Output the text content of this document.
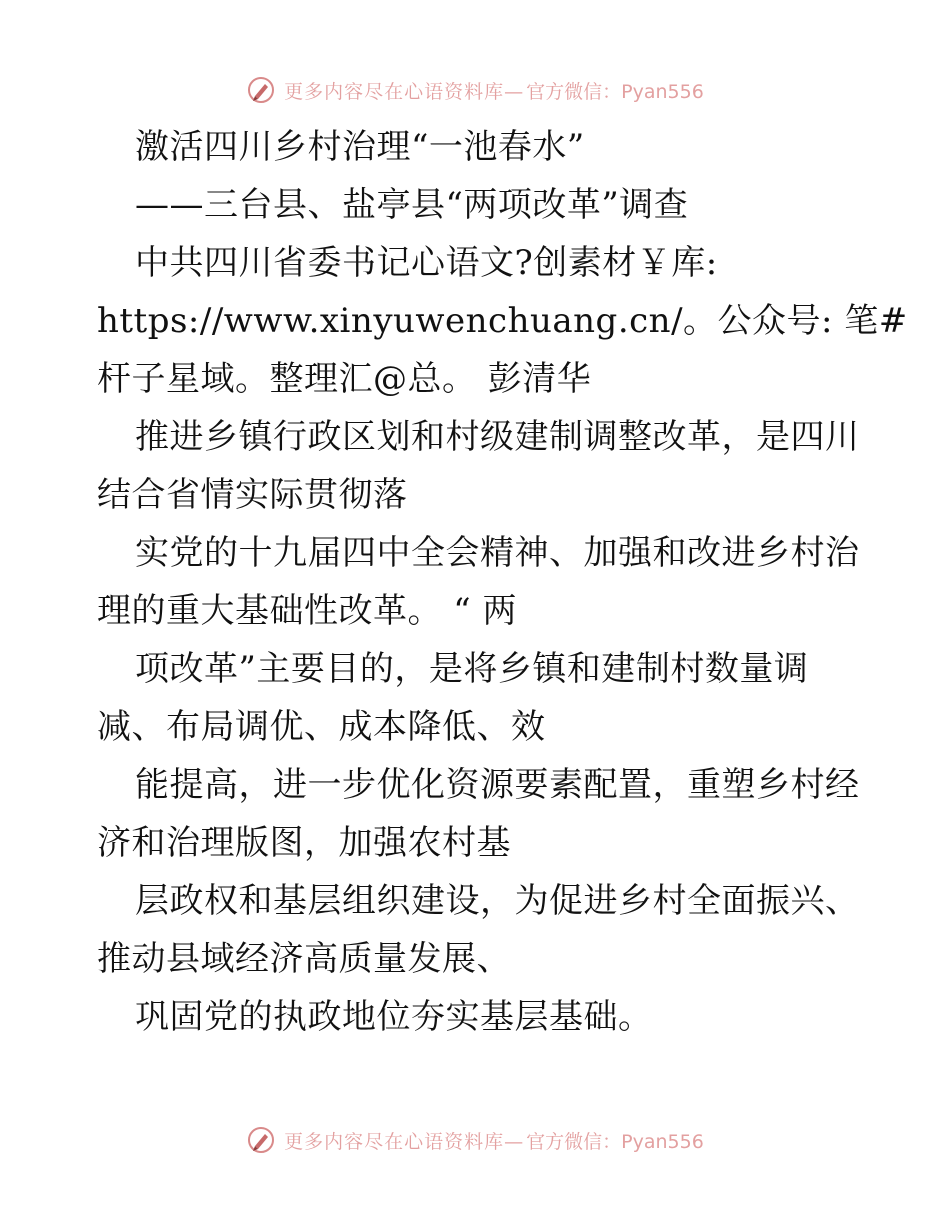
更多内容尽在心语资料库— 官方微信：Pyan556
激活四川乡村治理“一池春水”
——三台县、盐亭县“两项改革”调查
中共四川省委书记心语文?创素材￥库:
https://www.xinyuwenchuang.cn/。公众号: 笔#
杆子星域。整理汇@总。 彭清华
推进乡镇行政区划和村级建制调整改革，是四川
结合省情实际贯彻落
实党的十九届四中全会精神、加强和改进乡村治
理的重大基础性改革。 “ 两
项改革”主要目的，是将乡镇和建制村数量调
减、布局调优、成本降低、效
能提高，进一步优化资源要素配置，重塑乡村经
济和治理版图，加强农村基
层政权和基层组织建设，为促进乡村全面振兴、
推动县域经济高质量发展、
巩固党的执政地位夯实基层基础。
更多内容尽在心语资料库— 官方微信：Pyan556
